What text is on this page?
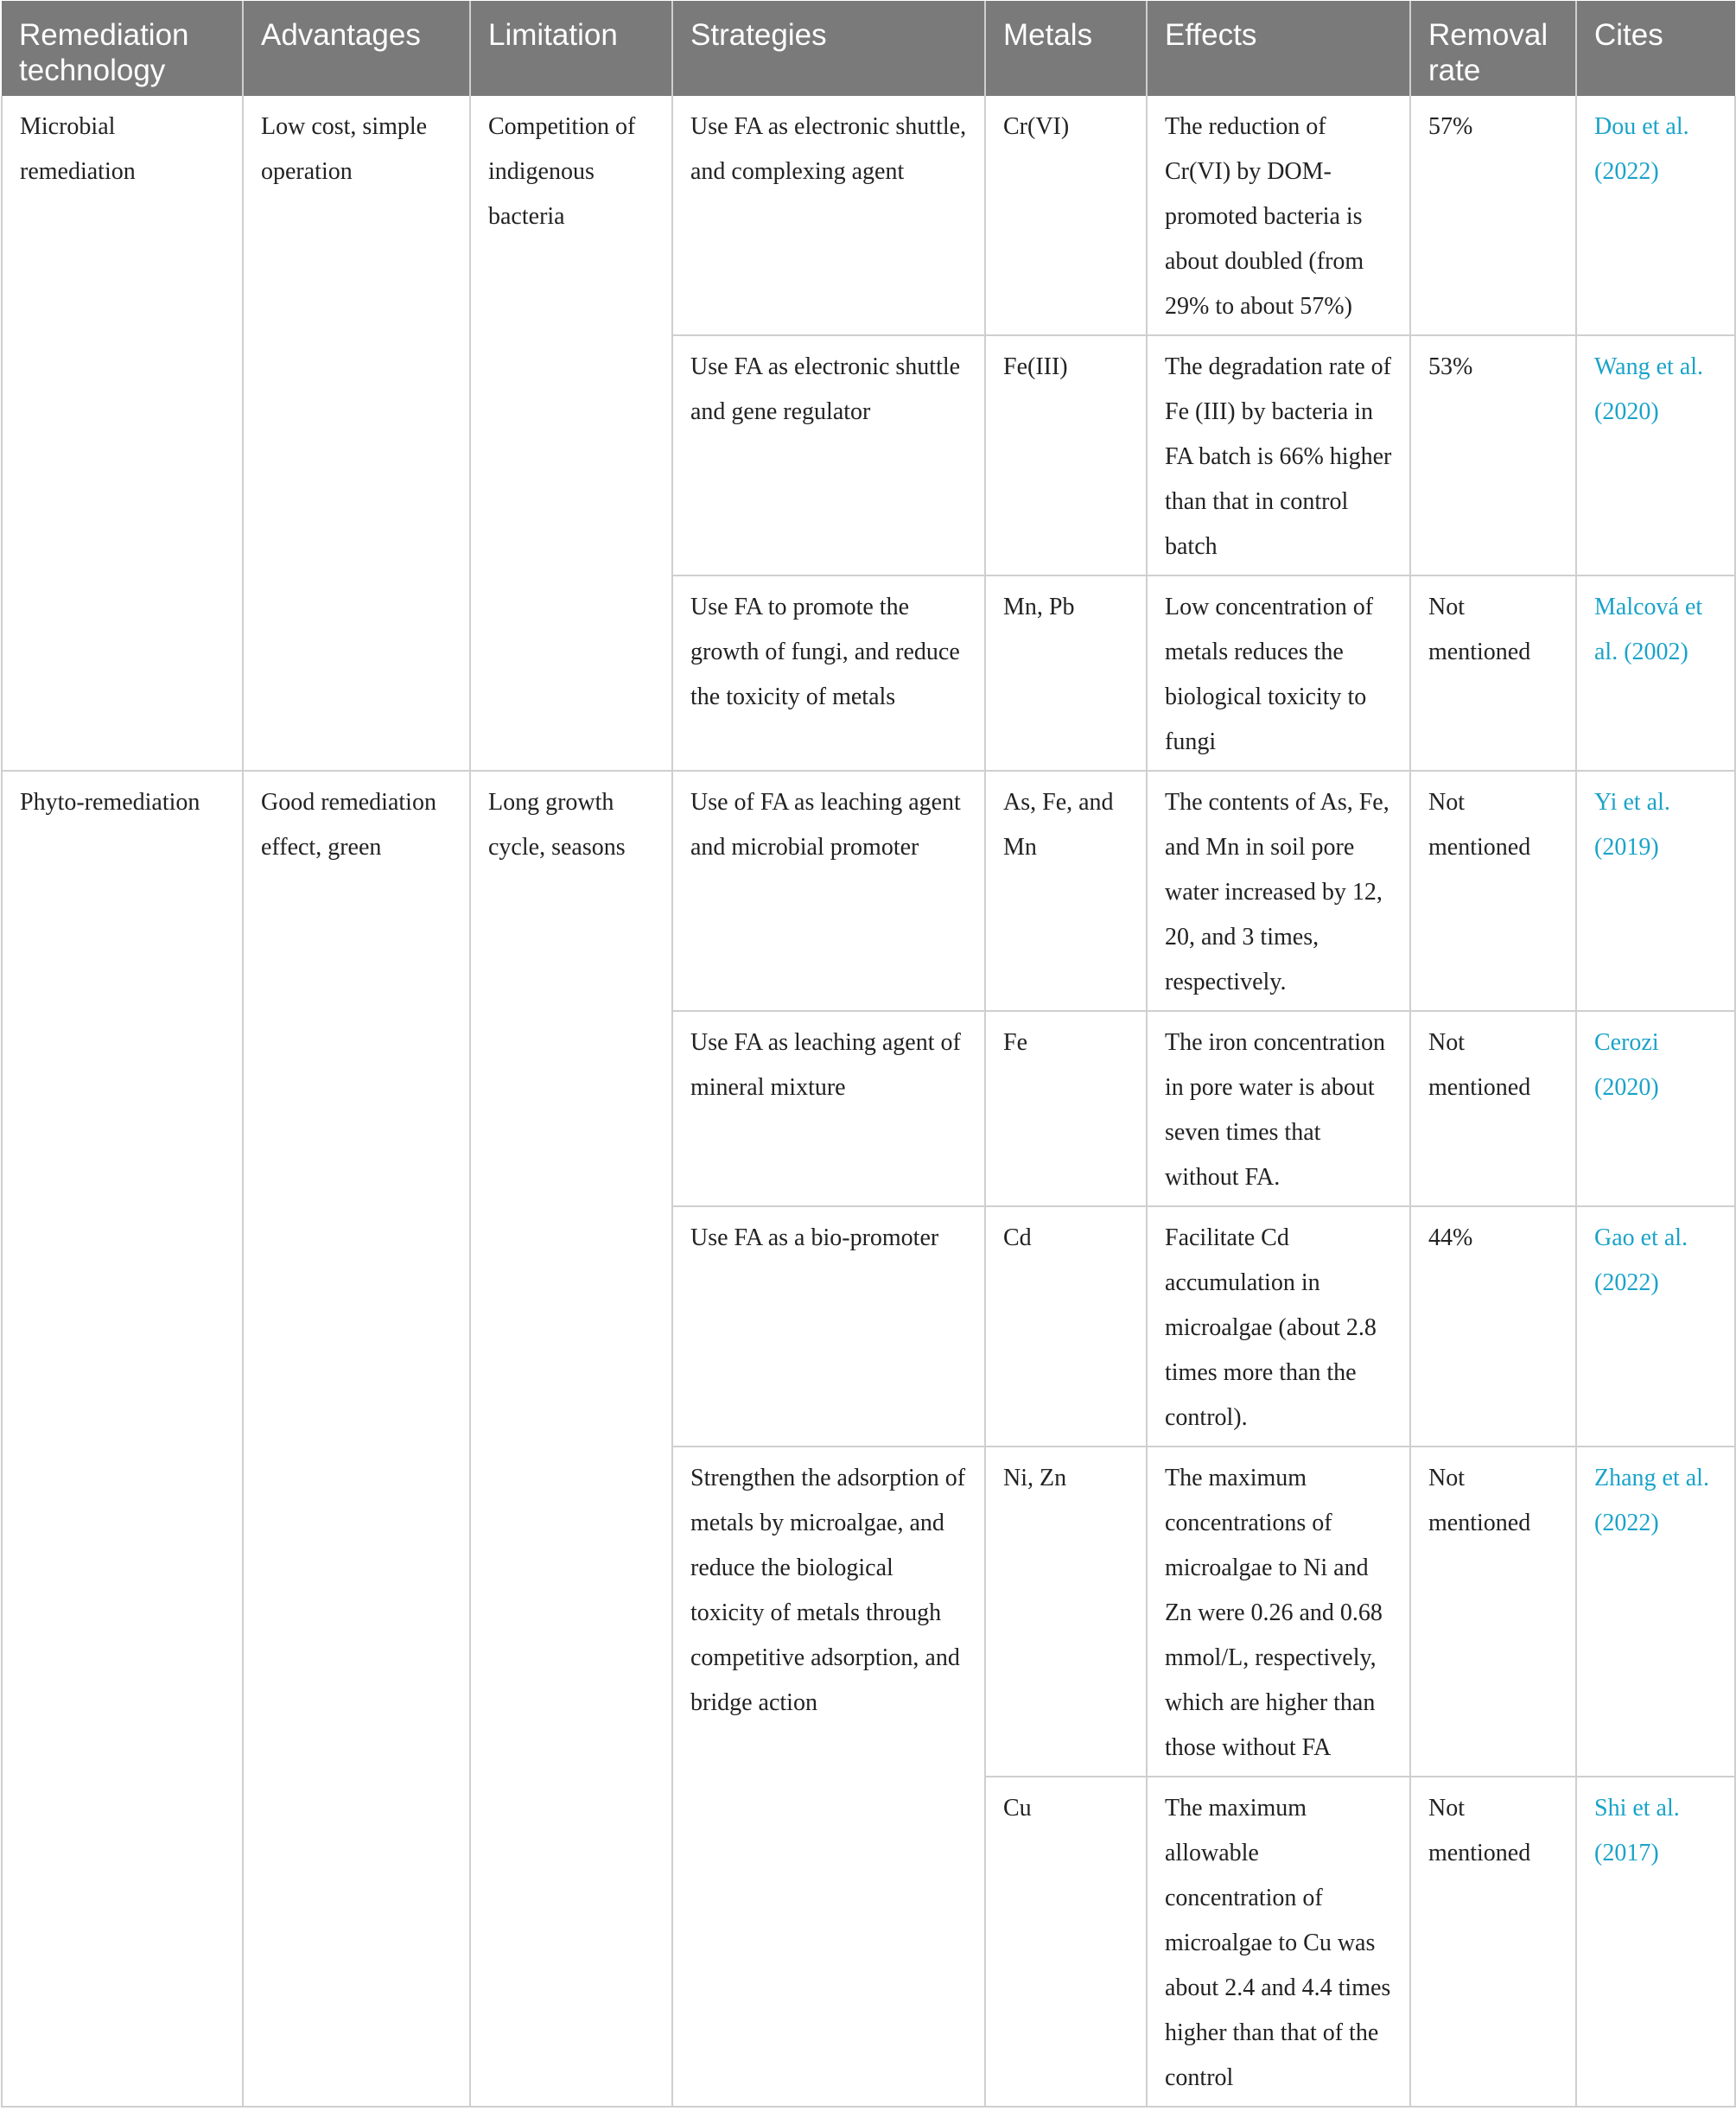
Remediation technology	Advantages	Limitation	Strategies	Metals	Effects	Removal rate	Cites
Microbial remediation	Low cost, simple operation	Competition of indigenous bacteria	Use FA as electronic shuttle, and complexing agent	Cr(VI)	The reduction of Cr(VI) by DOM-promoted bacteria is about doubled (from 29% to about 57%)	57%	Dou et al. (2022)
			Use FA as electronic shuttle and gene regulator	Fe(III)	The degradation rate of Fe (III) by bacteria in FA batch is 66% higher than that in control batch	53%	Wang et al. (2020)
			Use FA to promote the growth of fungi, and reduce the toxicity of metals	Mn, Pb	Low concentration of metals reduces the biological toxicity to fungi	Not mentioned	Malcová et al. (2002)
Phyto-remediation	Good remediation effect, green	Long growth cycle, seasons	Use of FA as leaching agent and microbial promoter	As, Fe, and Mn	The contents of As, Fe, and Mn in soil pore water increased by 12, 20, and 3 times, respectively.	Not mentioned	Yi et al. (2019)
			Use FA as leaching agent of mineral mixture	Fe	The iron concentration in pore water is about seven times that without FA.	Not mentioned	Cerozi (2020)
			Use FA as a bio-promoter	Cd	Facilitate Cd accumulation in microalgae (about 2.8 times more than the control).	44%	Gao et al. (2022)
			Strengthen the adsorption of metals by microalgae, and reduce the biological toxicity of metals through competitive adsorption, and bridge action	Ni, Zn	The maximum concentrations of microalgae to Ni and Zn were 0.26 and 0.68 mmol/L, respectively, which are higher than those without FA	Not mentioned	Zhang et al. (2022)
				Cu	The maximum allowable concentration of microalgae to Cu was about 2.4 and 4.4 times higher than that of the control	Not mentioned	Shi et al. (2017)
